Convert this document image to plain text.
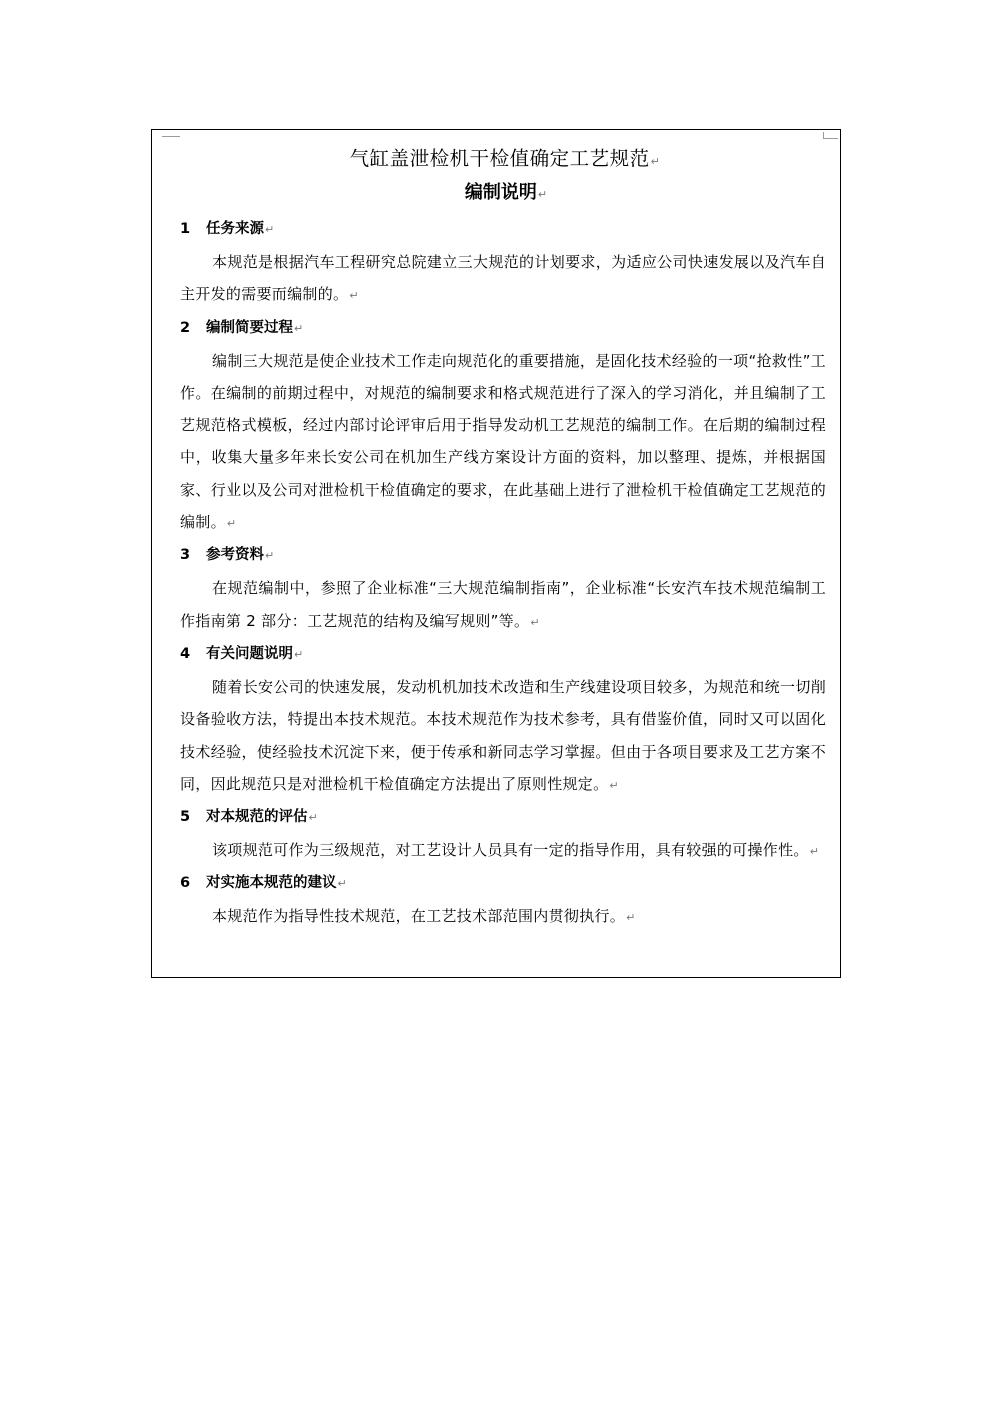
气缸盖泄检机干检值确定工艺规范↵
编制说明↵
1 任务来源↵
本规范是根据汽车工程研究总院建立三大规范的计划要求，为适应公司快速发展以及汽车自主开发的需要而编制的。↵
2 编制简要过程↵
编制三大规范是使企业技术工作走向规范化的重要措施，是固化技术经验的一项“抢救性”工作。在编制的前期过程中，对规范的编制要求和格式规范进行了深入的学习消化，并且编制了工艺规范格式模板，经过内部讨论评审后用于指导发动机工艺规范的编制工作。在后期的编制过程中，收集大量多年来长安公司在机加生产线方案设计方面的资料，加以整理、提炼，并根据国家、行业以及公司对泄检机干检值确定的要求，在此基础上进行了泄检机干检值确定工艺规范的编制。↵
3 参考资料↵
在规范编制中，参照了企业标准“三大规范编制指南”，企业标准“长安汽车技术规范编制工作指南第 2 部分：工艺规范的结构及编写规则”等。↵
4 有关问题说明↵
随着长安公司的快速发展，发动机机加技术改造和生产线建设项目较多，为规范和统一切削设备验收方法，特提出本技术规范。本技术规范作为技术参考，具有借鉴价值，同时又可以固化技术经验，使经验技术沉淀下来，便于传承和新同志学习掌握。但由于各项目要求及工艺方案不同，因此规范只是对泄检机干检值确定方法提出了原则性规定。↵
5 对本规范的评估↵
该项规范可作为三级规范，对工艺设计人员具有一定的指导作用，具有较强的可操作性。↵
6 对实施本规范的建议↵
本规范作为指导性技术规范，在工艺技术部范围内贯彻执行。↵
